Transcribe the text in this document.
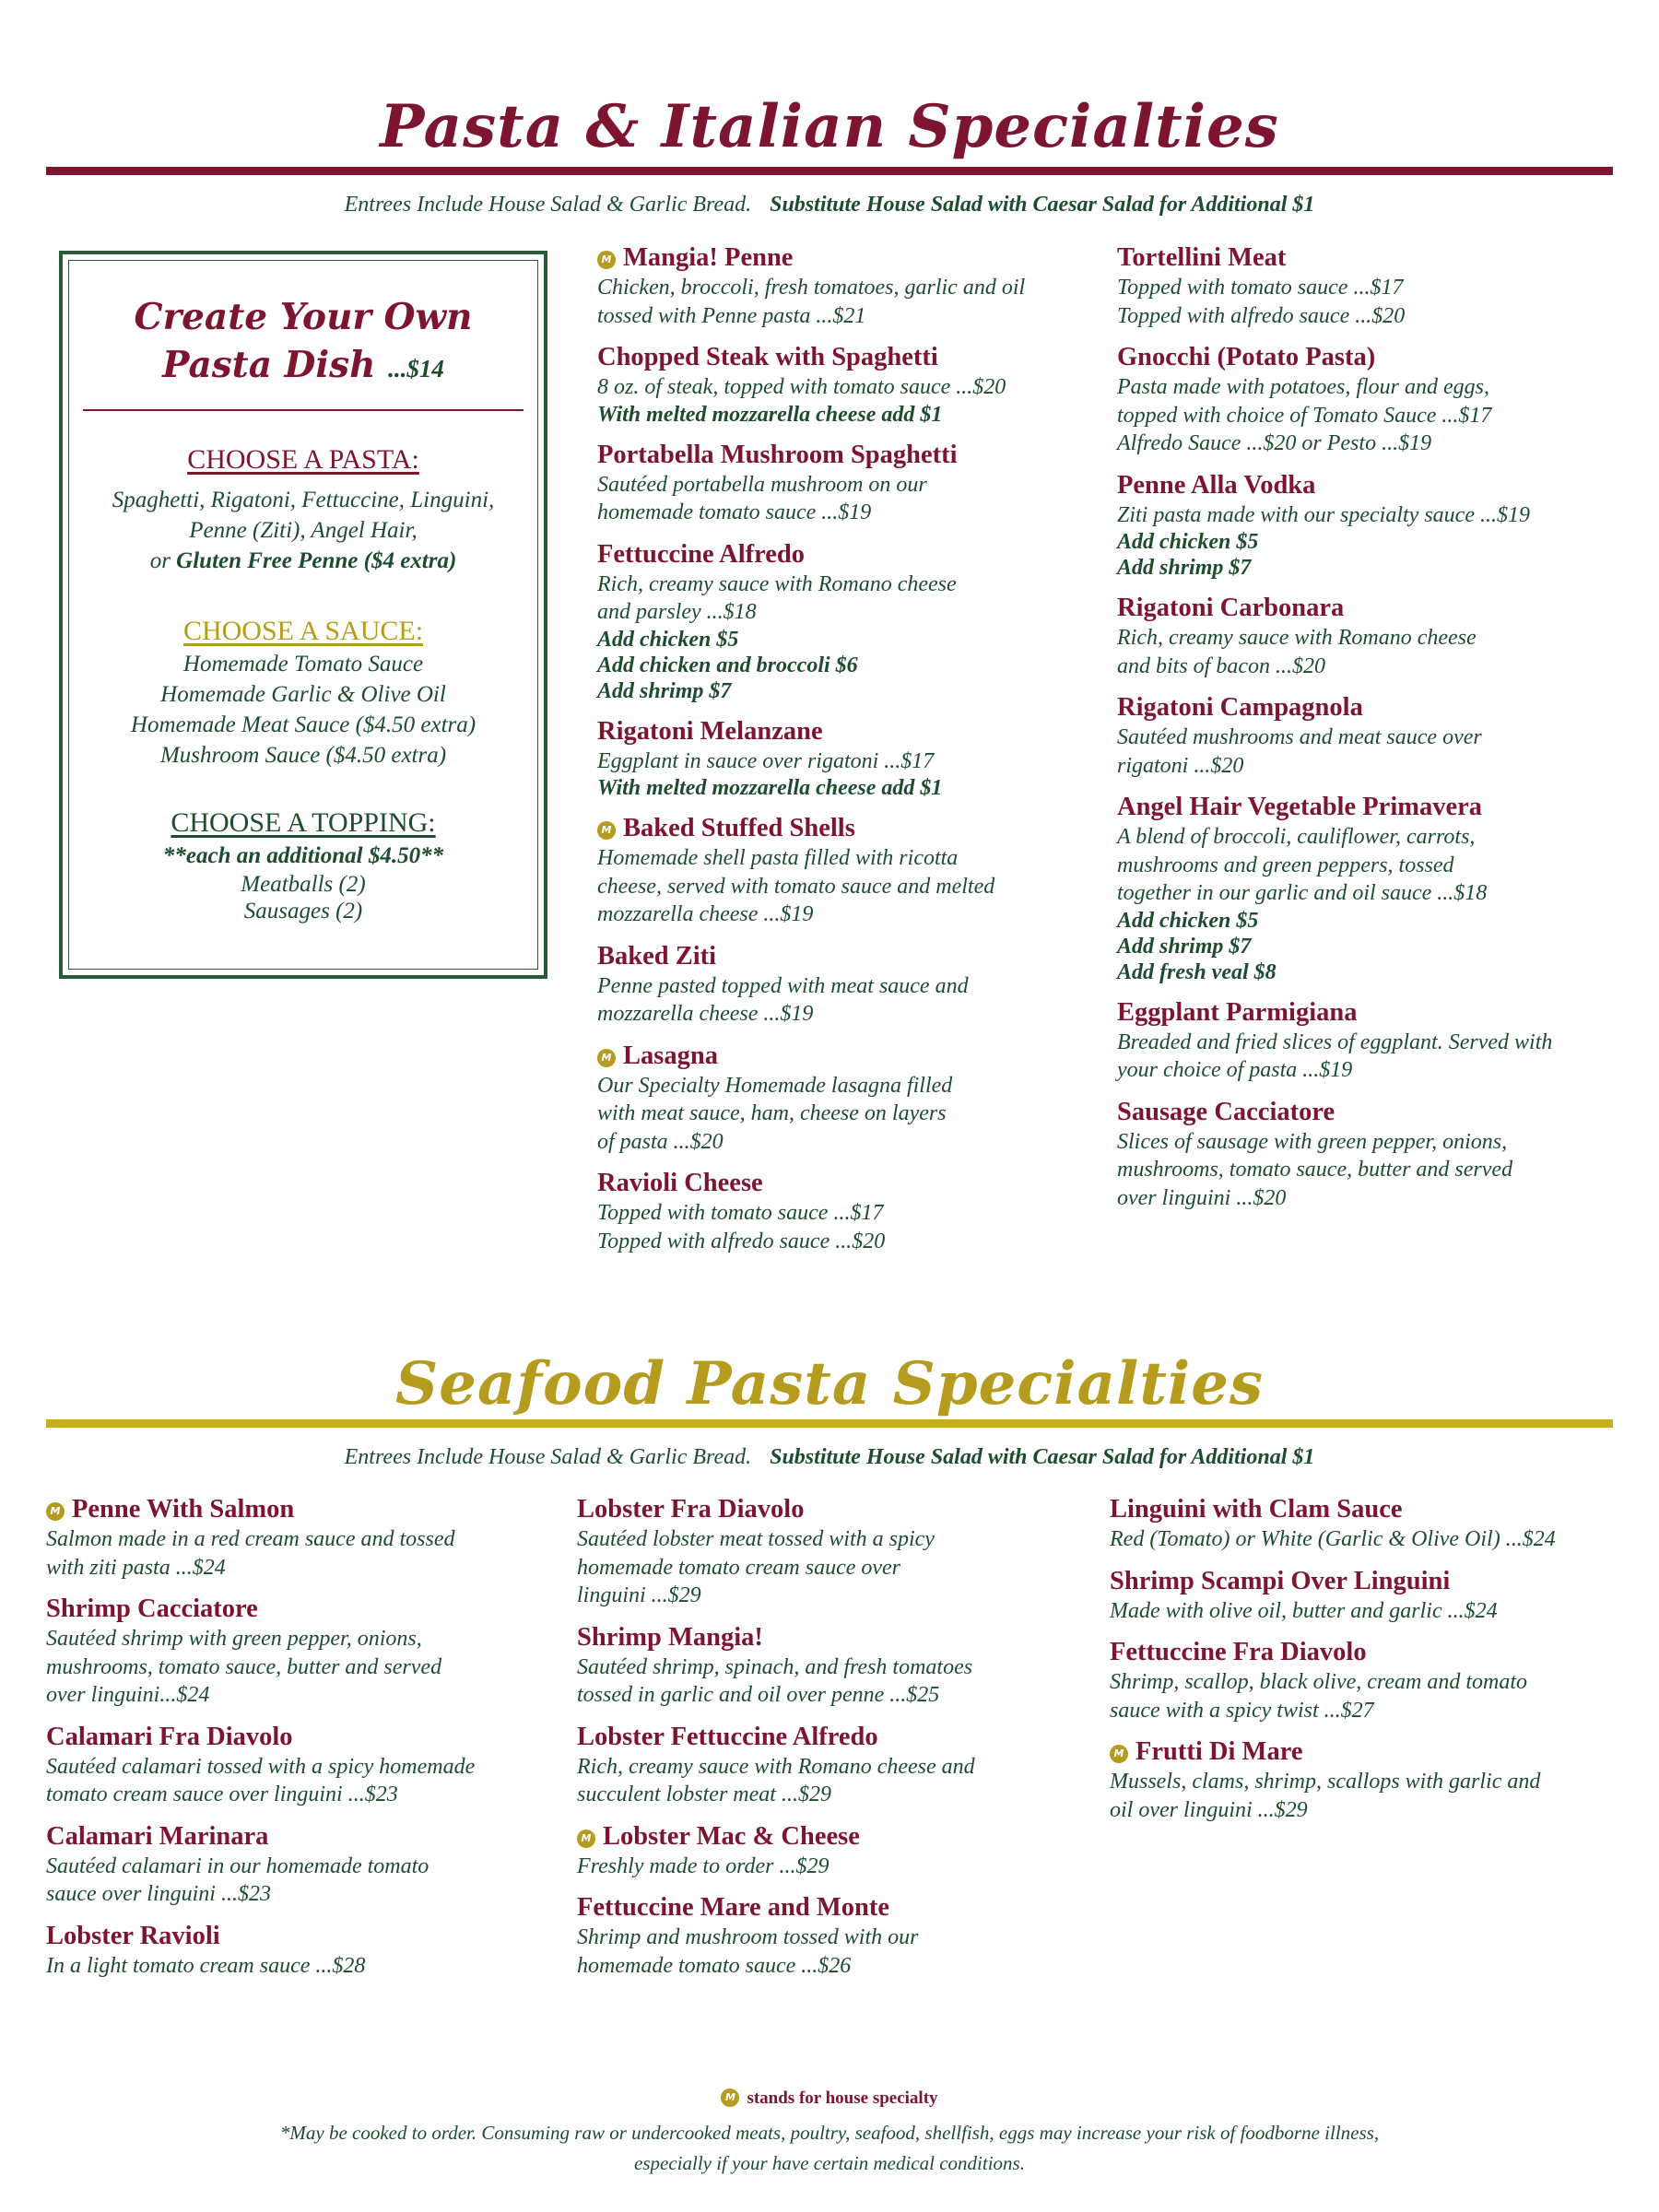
Pasta & Italian Specialties
Entrees Include House Salad & Garlic Bread. Substitute House Salad with Caesar Salad for Additional $1
Create Your Own
Pasta Dish ...$14
CHOOSE A PASTA:
Spaghetti, Rigatoni, Fettuccine, Linguini,
Penne (Ziti), Angel Hair,
or Gluten Free Penne ($4 extra)
CHOOSE A SAUCE:
Homemade Tomato Sauce
Homemade Garlic & Olive Oil
Homemade Meat Sauce ($4.50 extra)
Mushroom Sauce ($4.50 extra)
CHOOSE A TOPPING:
**each an additional $4.50**
Meatballs (2)
Sausages (2)
M Mangia! Penne
Chicken, broccoli, fresh tomatoes, garlic and oil
tossed with Penne pasta ...$21
Chopped Steak with Spaghetti
8 oz. of steak, topped with tomato sauce ...$20
With melted mozzarella cheese add $1
Portabella Mushroom Spaghetti
Sautéed portabella mushroom on our
homemade tomato sauce ...$19
Fettuccine Alfredo
Rich, creamy sauce with Romano cheese
and parsley ...$18
Add chicken $5
Add chicken and broccoli $6
Add shrimp $7
Rigatoni Melanzane
Eggplant in sauce over rigatoni ...$17
With melted mozzarella cheese add $1
M Baked Stuffed Shells
Homemade shell pasta filled with ricotta
cheese, served with tomato sauce and melted
mozzarella cheese ...$19
Baked Ziti
Penne pasted topped with meat sauce and
mozzarella cheese ...$19
M Lasagna
Our Specialty Homemade lasagna filled
with meat sauce, ham, cheese on layers
of pasta ...$20
Ravioli Cheese
Topped with tomato sauce ...$17
Topped with alfredo sauce ...$20
Tortellini Meat
Topped with tomato sauce ...$17
Topped with alfredo sauce ...$20
Gnocchi (Potato Pasta)
Pasta made with potatoes, flour and eggs,
topped with choice of Tomato Sauce ...$17
Alfredo Sauce ...$20 or Pesto ...$19
Penne Alla Vodka
Ziti pasta made with our specialty sauce ...$19
Add chicken $5
Add shrimp $7
Rigatoni Carbonara
Rich, creamy sauce with Romano cheese
and bits of bacon ...$20
Rigatoni Campagnola
Sautéed mushrooms and meat sauce over
rigatoni ...$20
Angel Hair Vegetable Primavera
A blend of broccoli, cauliflower, carrots,
mushrooms and green peppers, tossed
together in our garlic and oil sauce ...$18
Add chicken $5
Add shrimp $7
Add fresh veal $8
Eggplant Parmigiana
Breaded and fried slices of eggplant. Served with
your choice of pasta ...$19
Sausage Cacciatore
Slices of sausage with green pepper, onions,
mushrooms, tomato sauce, butter and served
over linguini ...$20
Seafood Pasta Specialties
Entrees Include House Salad & Garlic Bread. Substitute House Salad with Caesar Salad for Additional $1
M Penne With Salmon
Salmon made in a red cream sauce and tossed
with ziti pasta ...$24
Shrimp Cacciatore
Sautéed shrimp with green pepper, onions,
mushrooms, tomato sauce, butter and served
over linguini...$24
Calamari Fra Diavolo
Sautéed calamari tossed with a spicy homemade
tomato cream sauce over linguini ...$23
Calamari Marinara
Sautéed calamari in our homemade tomato
sauce over linguini ...$23
Lobster Ravioli
In a light tomato cream sauce ...$28
Lobster Fra Diavolo
Sautéed lobster meat tossed with a spicy
homemade tomato cream sauce over
linguini ...$29
Shrimp Mangia!
Sautéed shrimp, spinach, and fresh tomatoes
tossed in garlic and oil over penne ...$25
Lobster Fettuccine Alfredo
Rich, creamy sauce with Romano cheese and
succulent lobster meat ...$29
M Lobster Mac & Cheese
Freshly made to order ...$29
Fettuccine Mare and Monte
Shrimp and mushroom tossed with our
homemade tomato sauce ...$26
Linguini with Clam Sauce
Red (Tomato) or White (Garlic & Olive Oil) ...$24
Shrimp Scampi Over Linguini
Made with olive oil, butter and garlic ...$24
Fettuccine Fra Diavolo
Shrimp, scallop, black olive, cream and tomato
sauce with a spicy twist ...$27
M Frutti Di Mare
Mussels, clams, shrimp, scallops with garlic and
oil over linguini ...$29
M stands for house specialty
*May be cooked to order. Consuming raw or undercooked meats, poultry, seafood, shellfish, eggs may increase your risk of foodborne illness,
especially if your have certain medical conditions.
